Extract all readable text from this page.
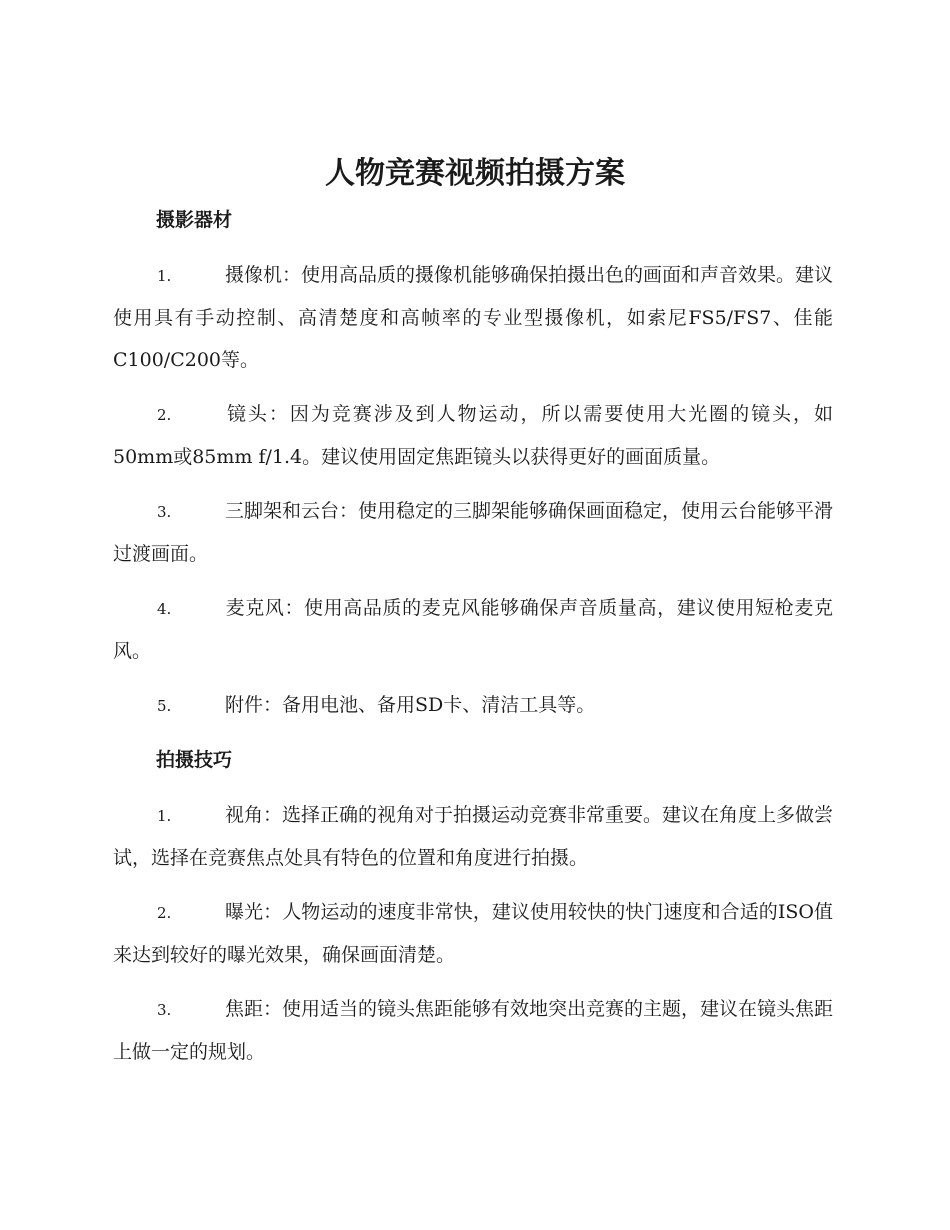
人物竞赛视频拍摄方案
摄影器材

1.	摄像机：使用高品质的摄像机能够确保拍摄出色的画面和声音效果。建议使用具有手动控制、高清楚度和高帧率的专业型摄像机，如索尼FS5/FS7、佳能C100/C200等。

2.	镜头：因为竞赛涉及到人物运动，所以需要使用大光圈的镜头，如50mm或85mm f/1.4。建议使用固定焦距镜头以获得更好的画面质量。

3.	三脚架和云台：使用稳定的三脚架能够确保画面稳定，使用云台能够平滑过渡画面。

4.	麦克风：使用高品质的麦克风能够确保声音质量高，建议使用短枪麦克风。

5.	附件：备用电池、备用SD卡、清洁工具等。

拍摄技巧

1.	视角：选择正确的视角对于拍摄运动竞赛非常重要。建议在角度上多做尝试，选择在竞赛焦点处具有特色的位置和角度进行拍摄。

2.	曝光：人物运动的速度非常快，建议使用较快的快门速度和合适的ISO值来达到较好的曝光效果，确保画面清楚。

3.	焦距：使用适当的镜头焦距能够有效地突出竞赛的主题，建议在镜头焦距上做一定的规划。
